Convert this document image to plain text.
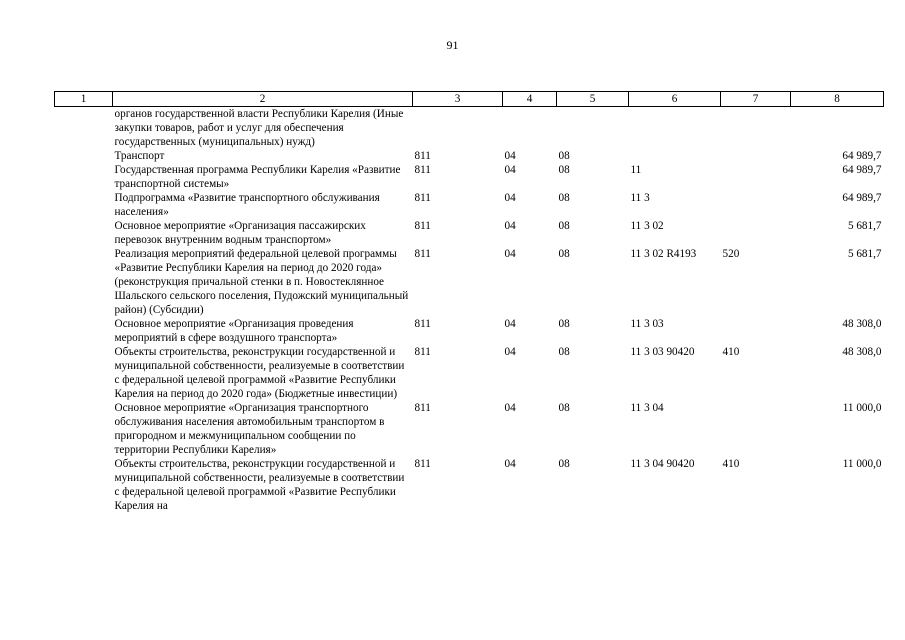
91
1	2	3	4	5	6	7	8
	органов государственной власти Республики Карелия (Иные закупки товаров, работ и услуг для обеспечения государственных (муниципальных) нужд)						
	Транспорт	811	04	08			64 989,7
	Государственная программа Республики Карелия «Развитие транспортной системы»	811	04	08	11		64 989,7
	Подпрограмма «Развитие транспортного обслуживания населения»	811	04	08	11 3		64 989,7
	Основное мероприятие «Организация пассажирских перевозок внутренним водным транспортом»	811	04	08	11 3 02		5 681,7
	Реализация мероприятий федеральной целевой программы «Развитие Республики Карелия на период до 2020 года» (реконструкция причальной стенки в п. Новостеклянное Шальского сельского поселения, Пудожский муниципальный район) (Субсидии)	811	04	08	11 3 02 R4193	520	5 681,7
	Основное мероприятие «Организация проведения мероприятий в сфере воздушного транспорта»	811	04	08	11 3 03		48 308,0
	Объекты строительства, реконструкции государственной и муниципальной собственности, реализуемые в соответствии с федеральной целевой программой «Развитие Республики Карелия на период до 2020 года» (Бюджетные инвестиции)	811	04	08	11 3 03 90420	410	48 308,0
	Основное мероприятие «Организация транспортного обслуживания населения автомобильным транспортом в пригородном и межмуниципальном сообщении по территории Республики Карелия»	811	04	08	11 3 04		11 000,0
	Объекты строительства, реконструкции государственной и муниципальной собственности, реализуемые в соответствии с федеральной целевой программой «Развитие Республики Карелия на	811	04	08	11 3 04 90420	410	11 000,0
